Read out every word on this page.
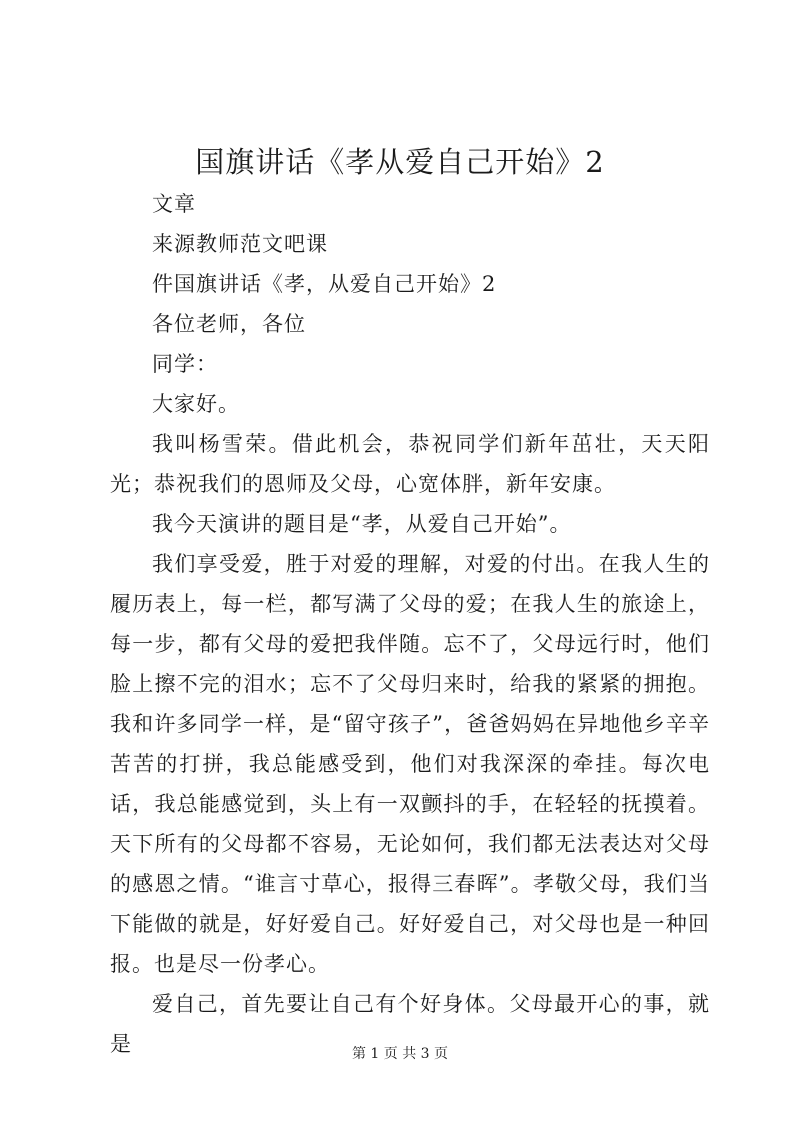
国旗讲话《孝从爱自己开始》2

文章

来源教师范文吧课

件国旗讲话《孝，从爱自己开始》2

各位老师，各位

同学：

大家好。

我叫杨雪荣。借此机会，恭祝同学们新年茁壮，天天阳光；恭祝我们的恩师及父母，心宽体胖，新年安康。

我今天演讲的题目是“孝，从爱自己开始”。

我们享受爱，胜于对爱的理解，对爱的付出。在我人生的履历表上，每一栏，都写满了父母的爱；在我人生的旅途上，每一步，都有父母的爱把我伴随。忘不了，父母远行时，他们脸上擦不完的泪水；忘不了父母归来时，给我的紧紧的拥抱。我和许多同学一样，是“留守孩子”，爸爸妈妈在异地他乡辛辛苦苦的打拼，我总能感受到，他们对我深深的牵挂。每次电话，我总能感觉到，头上有一双颤抖的手，在轻轻的抚摸着。天下所有的父母都不容易，无论如何，我们都无法表达对父母的感恩之情。“谁言寸草心，报得三春晖”。孝敬父母，我们当下能做的就是，好好爱自己。好好爱自己，对父母也是一种回报。也是尽一份孝心。

爱自己，首先要让自己有个好身体。父母最开心的事，就是	第 1 页 共 3 页
